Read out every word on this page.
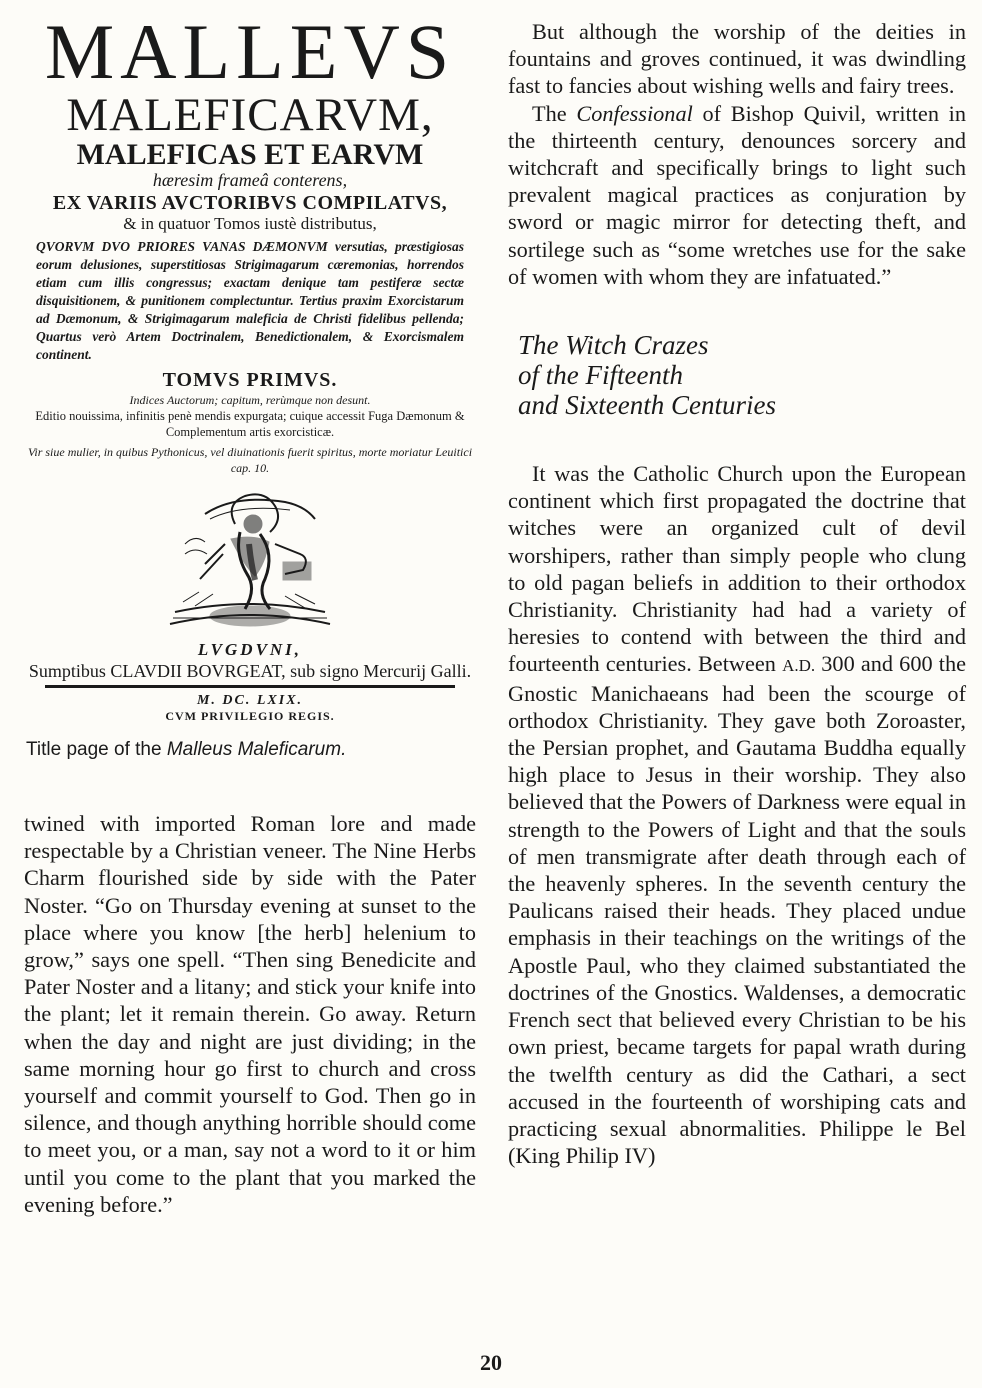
MALLEVS

MALEFICARVM,

MALEFICAS ET EARVM

hæresim frameâ conterens,

EX VARIIS AVCTORIBVS COMPILATVS,

& in quatuor Tomos iustè distributus,

QVORVM DVO PRIORES VANAS DÆMONVM versutias, præstigiosas eorum delusiones, superstitiosas Strigimagarum cæremonias, horrendos etiam cum illis congressus; exactam denique tam pestiferæ sectæ disquisitionem, & punitionem complectuntur. Tertius praxim Exorcistarum ad Dæmonum, & Strigimagarum maleficia de Christi fidelibus pellenda; Quartus verò Artem Doctrinalem, Benedictionalem, & Exorcismalem continent.

TOMVS PRIMVS.

Indices Auctorum; capitum, rerùmque non desunt.

Editio nouissima, infinitis penè mendis expurgata; cuique accessit Fuga Dæmonum & Complementum artis exorcisticæ.

Vir siue mulier, in quibus Pythonicus, vel diuinationis fuerit spiritus, morte moriatur Leuitici cap. 10.

LVGDVNI,

Sumptibus CLAVDII BOVRGEAT, sub signo Mercurij Galli.

M. DC. LXIX.

CVM PRIVILEGIO REGIS.

Title page of the Malleus Maleficarum.

twined with imported Roman lore and made respectable by a Christian veneer. The Nine Herbs Charm flourished side by side with the Pater Noster. “Go on Thursday evening at sunset to the place where you know [the herb] helenium to grow,” says one spell. “Then sing Benedicite and Pater Noster and a litany; and stick your knife into the plant; let it remain therein. Go away. Return when the day and night are just dividing; in the same morning hour go first to church and cross yourself and commit yourself to God. Then go in silence, and though anything horrible should come to meet you, or a man, say not a word to it or him until you come to the plant that you marked the evening before.”

But although the worship of the deities in fountains and groves continued, it was dwindling fast to fancies about wishing wells and fairy trees.

The Confessional of Bishop Quivil, written in the thirteenth century, denounces sorcery and witchcraft and specifically brings to light such prevalent magical practices as conjuration by sword or magic mirror for detecting theft, and sortilege such as “some wretches use for the sake of women with whom they are infatuated.”

The Witch Crazes
of the Fifteenth
and Sixteenth Centuries

It was the Catholic Church upon the European continent which first propagated the doctrine that witches were an organized cult of devil worshipers, rather than simply people who clung to old pagan beliefs in addition to their orthodox Christianity. Christianity had had a variety of heresies to contend with between the third and fourteenth centuries. Between A.D. 300 and 600 the Gnostic Manichaeans had been the scourge of orthodox Christianity. They gave both Zoroaster, the Persian prophet, and Gautama Buddha equally high place to Jesus in their worship. They also believed that the Powers of Darkness were equal in strength to the Powers of Light and that the souls of men transmigrate after death through each of the heavenly spheres. In the seventh century the Paulicans raised their heads. They placed undue emphasis in their teachings on the writings of the Apostle Paul, who they claimed substantiated the doctrines of the Gnostics. Waldenses, a democratic French sect that believed every Christian to be his own priest, became targets for papal wrath during the twelfth century as did the Cathari, a sect accused in the fourteenth of worshiping cats and practicing sexual abnormalities. Philippe le Bel (King Philip IV)

20
